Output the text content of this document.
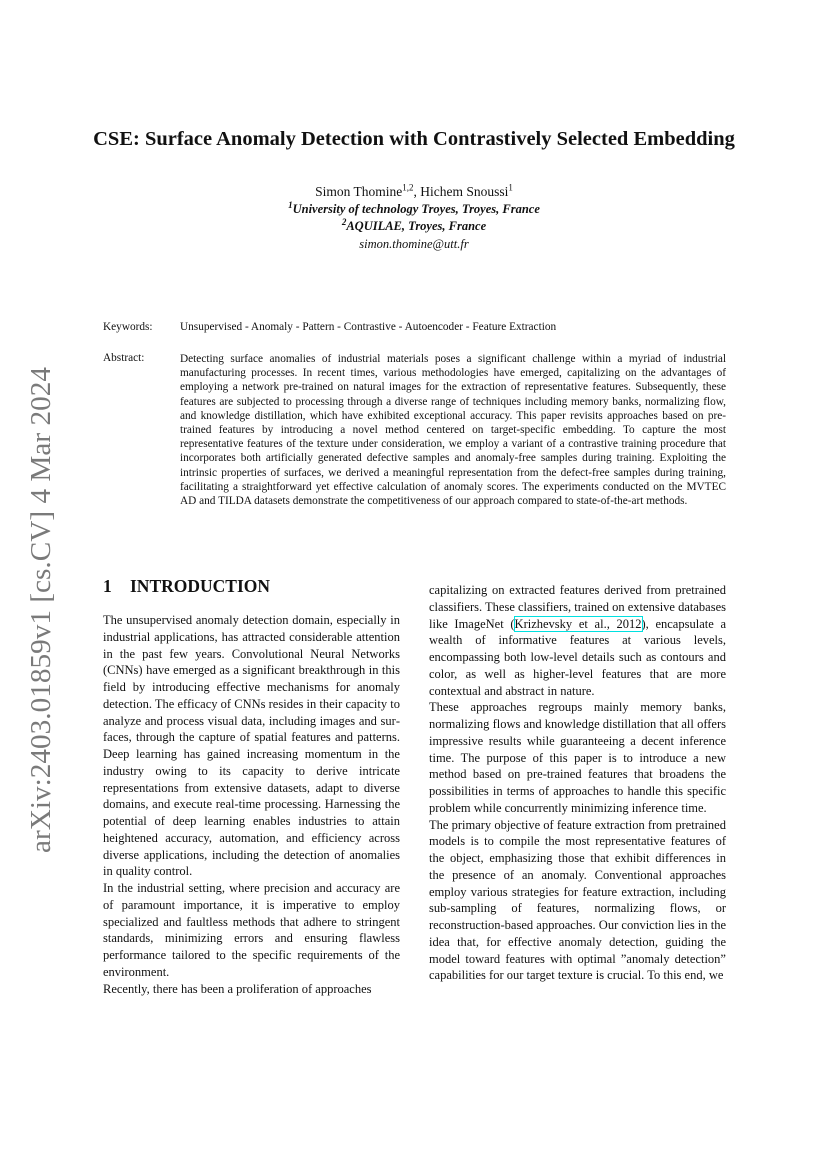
arXiv:2403.01859v1 [cs.CV] 4 Mar 2024
CSE: Surface Anomaly Detection with Contrastively Selected Embedding
Simon Thomine$^{1,2}$, Hichem Snoussi$^1$
$^1$University of technology Troyes, Troyes, France
$^2$AQUILAE, Troyes, France
simon.thomine@utt.fr
Keywords: Unsupervised - Anomaly - Pattern - Contrastive - Autoencoder - Feature Extraction
Abstract:	Detecting surface anomalies of industrial materials poses a significant challenge within a myriad of industrial manufacturing processes. In recent times, various methodologies have emerged, capitalizing on the advantages of employing a network pre-trained on natural images for the extraction of representative features. Subsequently, these features are subjected to processing through a diverse range of techniques including memory banks, normalizing flow, and knowledge distillation, which have exhibited exceptional accuracy. This paper revisits approaches based on pre-trained features by introducing a novel method centered on target-specific embedding. To capture the most representative features of the texture under consideration, we employ a variant of a contrastive training procedure that incorporates both artificially generated defective samples and anomaly-free samples during training. Exploiting the intrinsic properties of surfaces, we derived a meaningful representation from the defect-free samples during training, facilitating a straightforward yet effective calculation of anomaly scores. The experiments conducted on the MVTEC AD and TILDA datasets demonstrate the competitiveness of our approach compared to state-of-the-art methods.
1 INTRODUCTION

The unsupervised anomaly detection domain, especially in industrial applications, has attracted considerable attention in the past few years. Convolutional Neural Networks (CNNs) have emerged as a significant breakthrough in this field by introducing effective mechanisms for anomaly detection. The efficacy of CNNs resides in their capacity to analyze and process visual data, including images and surfaces, through the capture of spatial features and patterns. Deep learning has gained increasing momentum in the industry owing to its capacity to derive intricate representations from extensive datasets, adapt to diverse domains, and execute real-time processing. Harnessing the potential of deep learning enables industries to attain heightened accuracy, automation, and efficiency across diverse applications, including the detection of anomalies in quality control.

In the industrial setting, where precision and accuracy are of paramount importance, it is imperative to employ specialized and faultless methods that adhere to stringent standards, minimizing errors and ensuring flawless performance tailored to the specific requirements of the environment.

Recently, there has been a proliferation of approaches

capitalizing on extracted features derived from pretrained classifiers. These classifiers, trained on extensive databases like ImageNet (Krizhevsky et al., 2012), encapsulate a wealth of informative features at various levels, encompassing both low-level details such as contours and color, as well as higher-level features that are more contextual and abstract in nature.

These approaches regroups mainly memory banks, normalizing flows and knowledge distillation that all offers impressive results while guaranteeing a decent inference time. The purpose of this paper is to introduce a new method based on pre-trained features that broadens the possibilities in terms of approaches to handle this specific problem while concurrently minimizing inference time.

The primary objective of feature extraction from pretrained models is to compile the most representative features of the object, emphasizing those that exhibit differences in the presence of an anomaly. Conventional approaches employ various strategies for feature extraction, including sub-sampling of features, normalizing flows, or reconstruction-based approaches. Our conviction lies in the idea that, for effective anomaly detection, guiding the model toward features with optimal ”anomaly detection” capabilities for our target texture is crucial. To this end, we
